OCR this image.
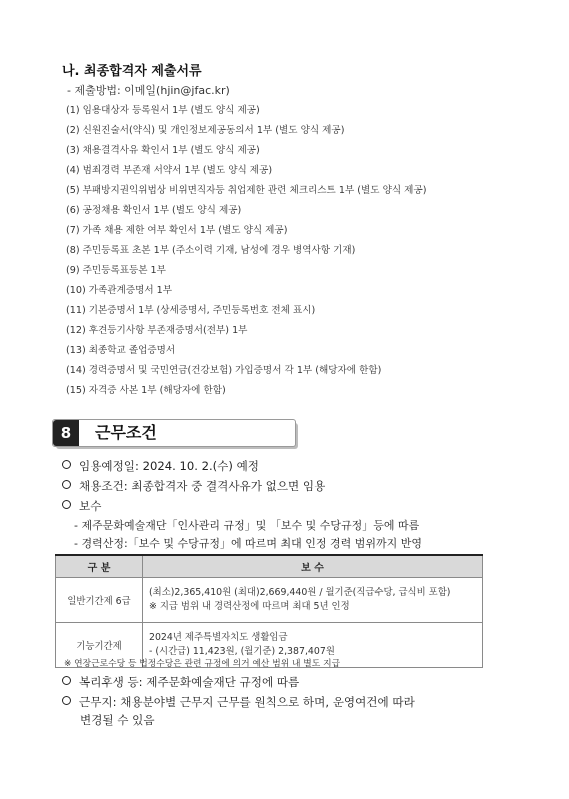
나. 최종합격자 제출서류
- 제출방법: 이메일(hjin@jfac.kr)
(1) 임용대상자 등록원서 1부 (별도 양식 제공)
(2) 신원진술서(약식) 및 개인정보제공동의서 1부 (별도 양식 제공)
(3) 채용결격사유 확인서 1부 (별도 양식 제공)
(4) 범죄경력 부존재 서약서 1부 (별도 양식 제공)
(5) 부패방지권익위법상 비위면직자등 취업제한 관련 체크리스트 1부 (별도 양식 제공)
(6) 공정채용 확인서 1부 (별도 양식 제공)
(7) 가족 채용 제한 여부 확인서 1부 (별도 양식 제공)
(8) 주민등록표 초본 1부 (주소이력 기재, 남성에 경우 병역사항 기재)
(9) 주민등록표등본 1부
(10) 가족관계증명서 1부
(11) 기본증명서 1부 (상세증명서, 주민등록번호 전체 표시)
(12) 후견등기사항 부존재증명서(전부) 1부
(13) 최종학교 졸업증명서
(14) 경력증명서 및 국민연금(건강보험) 가입증명서 각 1부 (해당자에 한함)
(15) 자격증 사본 1부 (해당자에 한함)
8	근무조건
임용예정일: 2024. 10. 2.(수) 예정
채용조건: 최종합격자 중 결격사유가 없으면 임용
보수
- 제주문화예술재단「인사관리 규정」및 「보수 및 수당규정」등에 따름
- 경력산정:「보수 및 수당규정」에 따르며 최대 인정 경력 범위까지 반영
구 분	보 수
일반기간제 6급	(최소)2,365,410원 (최대)2,669,440원 / 월기준(직급수당, 급식비 포함)
※ 지급 범위 내 경력산정에 따르며 최대 5년 인정

기능기간제	2024년 제주특별자치도 생활임금
- (시간급) 11,423원, (월기준) 2,387,407원
※ 연장근로수당 등 법정수당은 관련 규정에 의거 예산 범위 내 별도 지급
복리후생 등: 제주문화예술재단 규정에 따름
근무지: 채용분야별 근무지 근무를 원칙으로 하며, 운영여건에 따라
변경될 수 있음
